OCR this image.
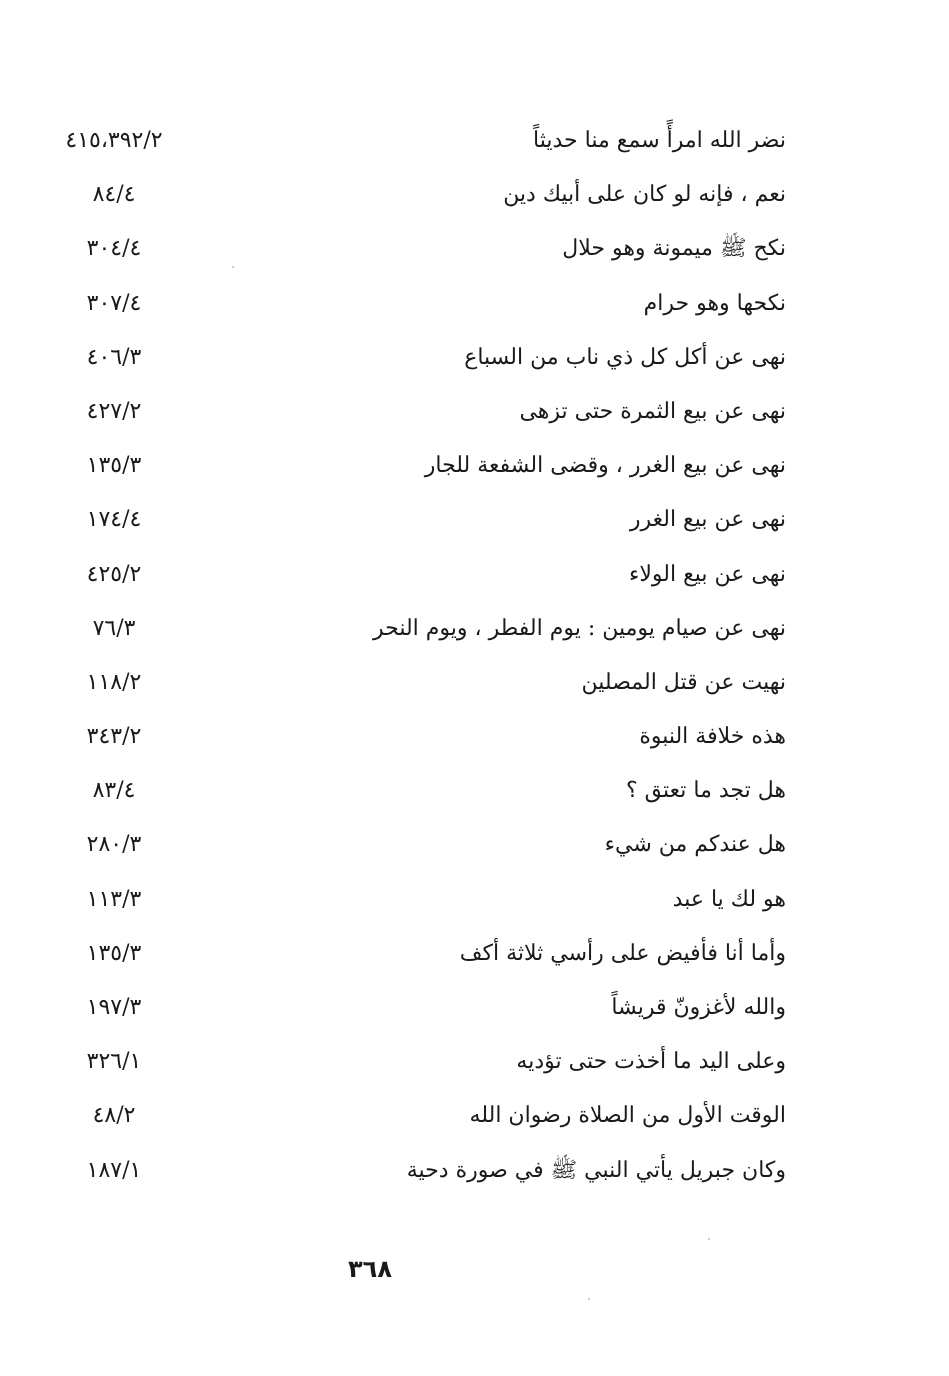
نضر الله امرأً سمع منا حديثاً
٤١٥،٣٩٢/٢
نعم ، فإنه لو كان على أبيك دين
٨٤/٤
نكح ﷺ ميمونة وهو حلال
٣٠٤/٤
نكحها وهو حرام
٣٠٧/٤
نهى عن أكل كل ذي ناب من السباع
٤٠٦/٣
نهى عن بيع الثمرة حتى تزهى
٤٢٧/٢
نهى عن بيع الغرر ، وقضى الشفعة للجار
١٣٥/٣
نهى عن بيع الغرر
١٧٤/٤
نهى عن بيع الولاء
٤٢٥/٢
نهى عن صيام يومين : يوم الفطر ، ويوم النحر
٧٦/٣
نهيت عن قتل المصلين
١١٨/٢
هذه خلافة النبوة
٣٤٣/٢
هل تجد ما تعتق ؟
٨٣/٤
هل عندكم من شيء
٢٨٠/٣
هو لك يا عبد
١١٣/٣
وأما أنا فأفيض على رأسي ثلاثة أكف
١٣٥/٣
والله لأغزونّ قريشاً
١٩٧/٣
وعلى اليد ما أخذت حتى تؤديه
٣٢٦/١
الوقت الأول من الصلاة رضوان الله
٤٨/٢
وكان جبريل يأتي النبي ﷺ في صورة دحية
١٨٧/١
٣٦٨
